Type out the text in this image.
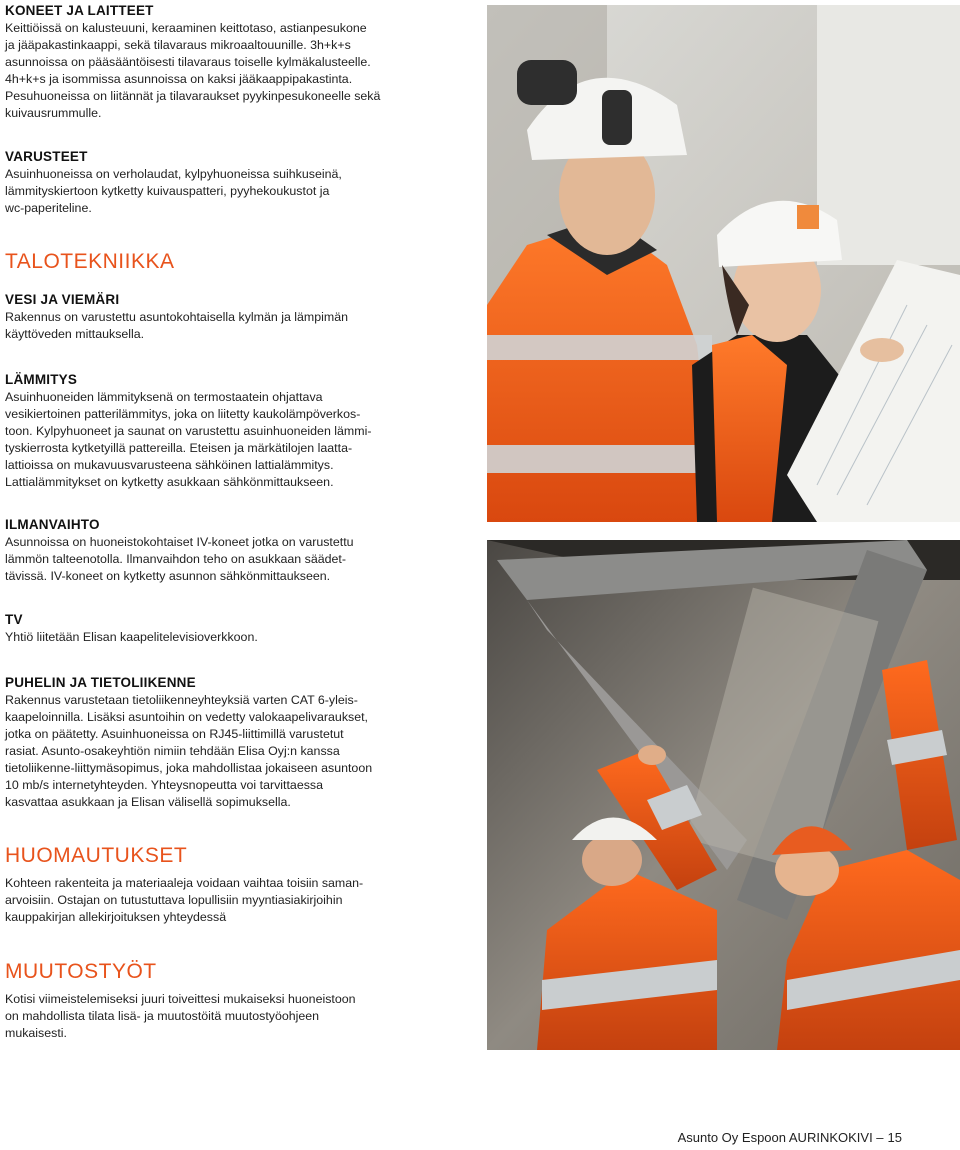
KONEET JA LAITTEET

Keittiöissä on kalusteuuni, keraaminen keittotaso, astianpesukone
ja jääpakastinkaappi, sekä tilavaraus mikroaaltouunille. 3h+k+s
asunnoissa on pääsääntöisesti tilavaraus toiselle kylmäkalusteelle.
4h+k+s ja isommissa asunnoissa on kaksi jääkaappipakastinta.
Pesuhuoneissa on liitännät ja tilavaraukset pyykinpesukoneelle sekä
kuivausrummulle.

VARUSTEET

Asuinhuoneissa on verholaudat, kylpyhuoneissa suihkuseinä,
lämmityskiertoon kytketty kuivauspatteri, pyyhekoukustot ja
wc-paperiteline.

TALOTEKNIIKKA
VESI JA VIEMÄRI

Rakennus on varustettu asuntokohtaisella kylmän ja lämpimän
käyttöveden mittauksella.

LÄMMITYS

Asuinhuoneiden lämmityksenä on termostaatein ohjattava
vesikiertoinen patterilämmitys, joka on liitetty kaukolämpöverkos-
toon. Kylpyhuoneet ja saunat on varustettu asuinhuoneiden lämmi-
tyskierrosta kytketyillä pattereilla. Eteisen ja märkätilojen laatta-
lattioissa on mukavuusvarusteena sähköinen lattialämmitys.
Lattialämmitykset on kytketty asukkaan sähkönmittaukseen.

ILMANVAIHTO

Asunnoissa on huoneistokohtaiset IV-koneet jotka on varustettu
lämmön talteenotolla. Ilmanvaihdon teho on asukkaan säädet-
tävissä. IV-koneet on kytketty asunnon sähkönmittaukseen.

TV

Yhtiö liitetään Elisan kaapelitelevisioverkkoon.

PUHELIN JA TIETOLIIKENNE

Rakennus varustetaan tietoliikenneyhteyksiä varten CAT 6-yleis-
kaapeloinnilla. Lisäksi asuntoihin on vedetty valokaapelivaraukset,
jotka on päätetty. Asuinhuoneissa on RJ45-liittimillä varustetut
rasiat. Asunto-osakeyhtiön nimiin tehdään Elisa Oyj:n kanssa
tietoliikenne-liittymäsopimus, joka mahdollistaa jokaiseen asuntoon
10 mb/s internetyhteyden. Yhteysnopeutta voi tarvittaessa
kasvattaa asukkaan ja Elisan välisellä sopimuksella.

HUOMAUTUKSET

Kohteen rakenteita ja materiaaleja voidaan vaihtaa toisiin saman-
arvoisiin. Ostajan on tutustuttava lopullisiin myyntiasiakirjoihin
kauppakirjan allekirjoituksen yhteydessä

MUUTOSTYÖT

Kotisi viimeistelemiseksi juuri toiveittesi mukaiseksi huoneistoon
on mahdollista tilata lisä- ja muutostöitä muutostyöohjeen
mukaisesti.

Asunto Oy Espoon AURINKOKIVI – 15
